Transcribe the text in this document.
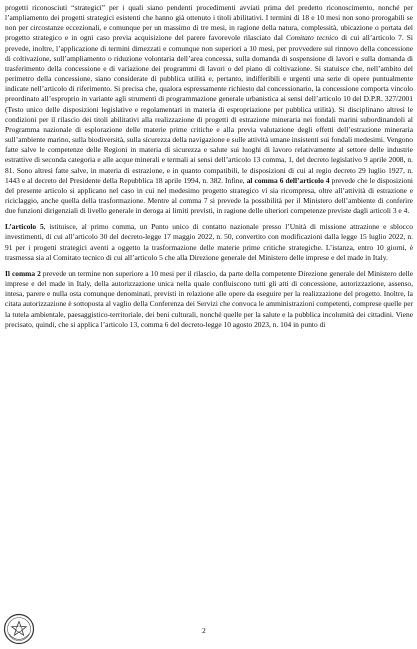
progetti riconosciuti “strategici” per i quali siano pendenti procedimenti avviati prima del predetto riconoscimento, nonché per l’ampliamento dei progetti strategici esistenti che hanno già ottenuto i titoli abilitativi. I termini di 18 e 10 mesi non sono prorogabili se non per circostanze eccezionali, e comunque per un massimo di tre mesi, in ragione della natura, complessità, ubicazione o portata del progetto strategico e in ogni caso previa acquisizione del parere favorevole rilasciato dal Comitato tecnico di cui all’articolo 7. Si prevede, inoltre, l’applicazione di termini dimezzati e comunque non superiori a 10 mesi, per provvedere sul rinnovo della concessione di coltivazione, sull’ampliamento o riduzione volontaria dell’area concessa, sulla domanda di sospensione di lavori e sulla domanda di trasferimento della concessione e di variazione dei programmi di lavori o del piano di coltivazione. Si statuisce che, nell’ambito del perimetro della concessione, siano considerate di pubblica utilità e, pertanto, indifferibili e urgenti una serie di opere puntualmente indicate nell’articolo di riferimento. Si precisa che, qualora espressamente richiesto dal concessionario, la concessione comporta vincolo preordinato all’esproprio in variante agli strumenti di programmazione generale urbanistica ai sensi dell’articolo 10 del D.P.R. 327/2001 (Testo unico delle disposizioni legislative e regolamentari in materia di espropriazione per pubblica utilità). Si disciplinano altresì le condizioni per il rilascio dei titoli abilitativi alla realizzazione di progetti di estrazione mineraria nei fondali marini subordinandoli al Programma nazionale di esplorazione delle materie prime critiche e alla previa valutazione degli effetti dell’estrazione mineraria sull’ambiente marino, sulla biodiversità, sulla sicurezza della navigazione e sulle attività umane insistenti sui fondali medesimi. Vengono fatte salve le competenze delle Regioni in materia di sicurezza e salute sui luoghi di lavoro relativamente al settore delle industrie estrattive di seconda categoria e alle acque minerali e termali ai sensi dell’articolo 13 comma, 1, del decreto legislativo 9 aprile 2008, n. 81. Sono altresì fatte salve, in materia di estrazione, e in quanto compatibili, le disposizioni di cui al regio decreto 29 luglio 1927, n. 1443 e al decreto del Presidente della Repubblica 18 aprile 1994, n. 382. Infine, al comma 6 dell’articolo 4 prevede che le disposizioni del presente articolo si applicano nel caso in cui nel medesimo progetto strategico vi sia ricompresa, oltre all’attività di estrazione e riciclaggio, anche quella della trasformazione. Mentre al comma 7 si prevede la possibilità per il Ministero dell’ambiente di conferire due funzioni dirigenziali di livello generale in deroga ai limiti previsti, in ragione delle ulteriori competenze previste dagli articoli 3 e 4.

L’articolo 5, istituisce, al primo comma, un Punto unico di contatto nazionale presso l’Unità di missione attrazione e sblocco investimenti, di cui all’articolo 30 del decreto-legge 17 maggio 2022, n. 50, convertito con modificazioni dalla legge 15 luglio 2022, n. 91 per i progetti strategici aventi a oggetto la trasformazione delle materie prime critiche strategiche. L’istanza, entro 10 giorni, è trasmessa sia al Comitato tecnico di cui all’articolo 5 che alla Direzione generale del Ministero delle imprese e del made in Italy.

Il comma 2 prevede un termine non superiore a 10 mesi per il rilascio, da parte della competente Direzione generale del Ministero delle imprese e del made in Italy, della autorizzazione unica nella quale confluiscono tutti gli atti di concessione, autorizzazione, assenso, intesa, parere e nulla osta comunque denominati, previsti in relazione alle opere da eseguire per la realizzazione del progetto. Inoltre, la citata autorizzazione è sottoposta al vaglio della Conferenza dei Servizi che convoca le amministrazioni competenti, comprese quelle per la tutela ambientale, paesaggistico-territoriale, dei beni culturali, nonché quelle per la salute e la pubblica incolumità dei cittadini. Viene precisato, quindi, che si applica l’articolo 13, comma 6 del decreto-legge 10 agosto 2023, n. 104 in punto di

2
